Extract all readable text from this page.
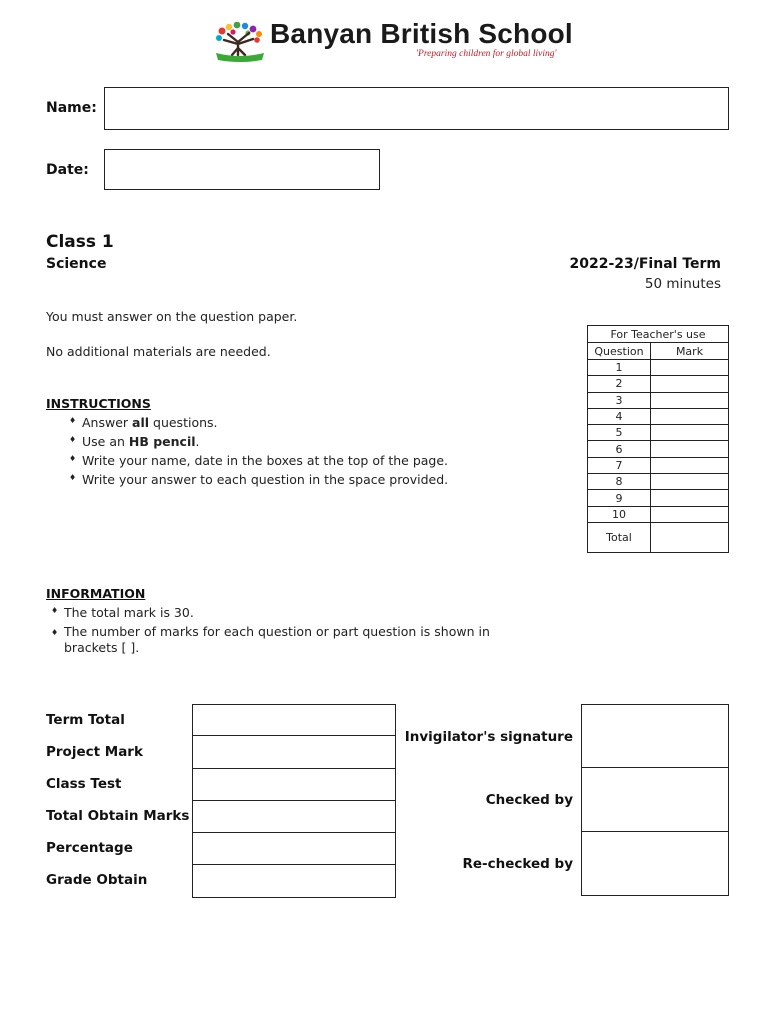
Banyan British School
'Preparing children for global living'
Name:
Date:
Class 1
Science	2022-23/Final Term
50 minutes
You must answer on the question paper.
No additional materials are needed.
INSTRUCTIONS
♦ Answer all questions.
♦ Use an HB pencil.
♦ Write your name, date in the boxes at the top of the page.
♦ Write your answer to each question in the space provided.
For Teacher's use	
Question	Mark
1	
2	
3	
4	
5	
6	
7	
8	
9	
10	
Total	
INFORMATION
♦ The total mark is 30.
♦ The number of marks for each question or part question is shown in
brackets [ ].
Term Total
Project Mark
Class Test
Total Obtain Marks
Percentage
Grade Obtain
Invigilator's signature
Checked by
Re-checked by
